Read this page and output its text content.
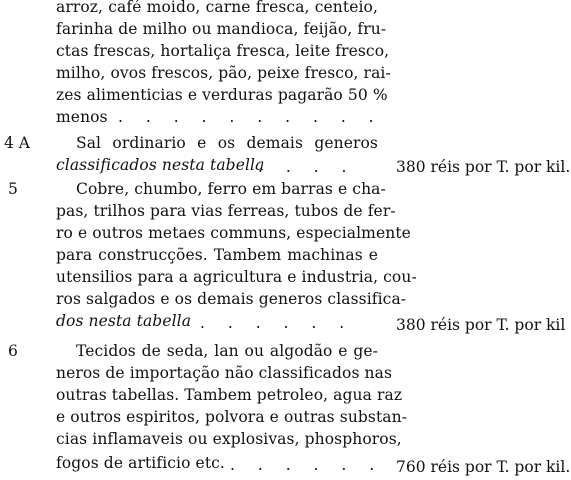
arroz, café moido, carne fresca, centeio,
farinha de milho ou mandioca, feijão, fru-
ctas frescas, hortaliça fresca, leite fresco,
milho, ovos frescos, pão, peixe fresco, rai-
zes alimenticias e verduras pagarão 50 %
menos . . . . . . . . . .
4 A	Sal ordinario e os demais generos
classificados nesta tabella
. . . .	380 réis por T. por kil.
5	Cobre, chumbo, ferro em barras e cha-
pas, trilhos para vias ferreas, tubos de fer-
ro e outros metaes communs, especialmente
para construcções. Tambem machinas e
utensilios para a agricultura e industria, cou-
ros salgados e os demais generos classifica-
dos nesta tabella . . . . . .	380 réis por T. por kil
6	Tecidos de seda, lan ou algodão e ge-
neros de importação não classificados nas
outras tabellas. Tambem petroleo, agua raz
e outros espiritos, polvora e outras substan-
cias inflamaveis ou explosivas, phosphoros,
fogos de artificio etc. . . . . . . 760 réis por T. por kil.
